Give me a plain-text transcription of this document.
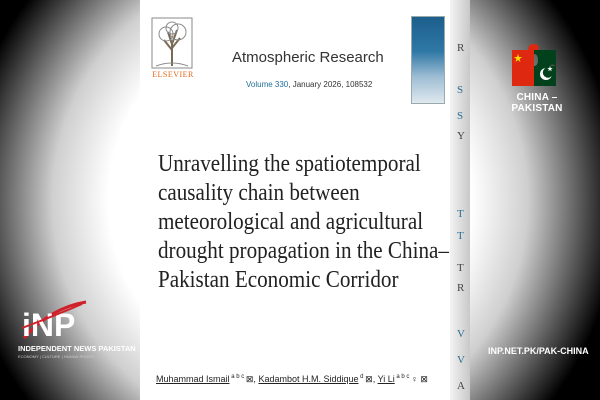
R
S
S
Y
T
T
T
R
V
V
A
ELSEVIER
Atmospheric Research
Volume 330, January 2026, 108532
Unravelling the spatiotemporal
causality chain between
meteorological and agricultural
drought propagation in the China–
Pakistan Economic Corridor
Muhammad Ismail $^{a b c}$ ⊠, Kadambot H.M. Siddique $^d$ ⊠, Yi Li $^{a b c}$ ♀ ⊠
CHINA – PAKISTAN
iNP
INDEPENDENT NEWS PAKISTAN
ECONOMY | CULTURE | HUMAN RIGHTS
INP.NET.PK/PAK-CHINA
